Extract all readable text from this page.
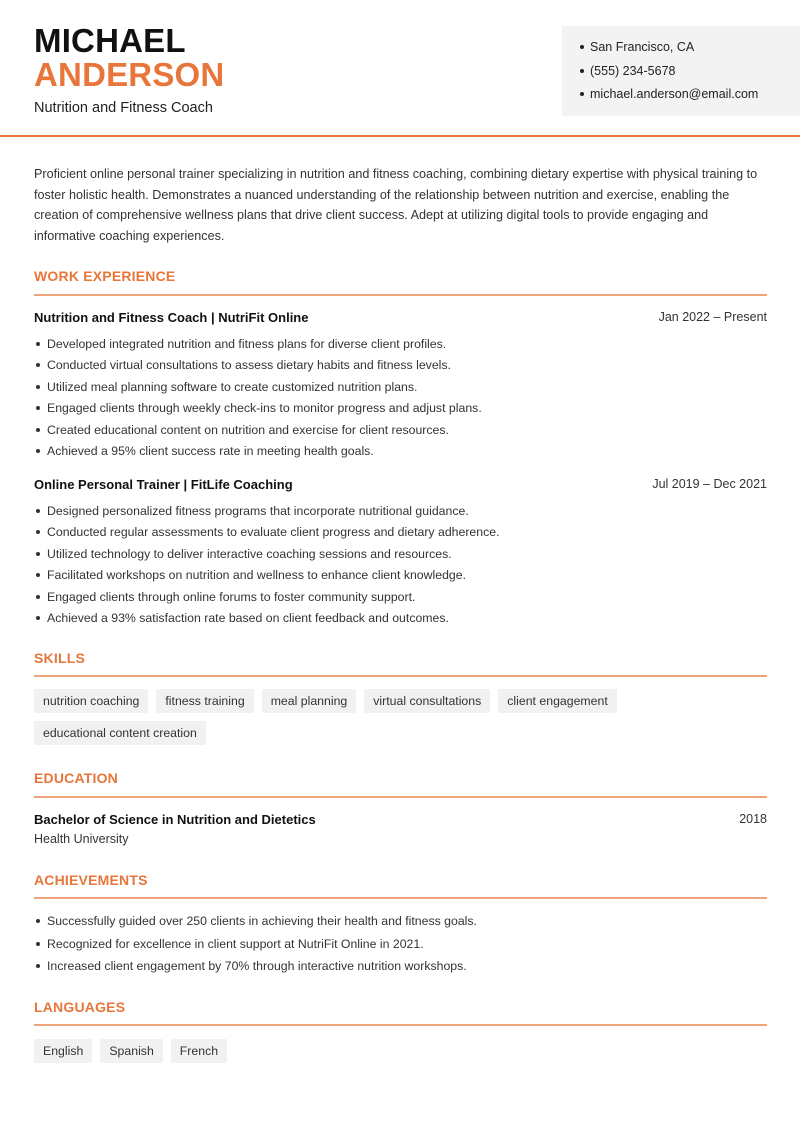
MICHAEL
ANDERSON
Nutrition and Fitness Coach
San Francisco, CA
(555) 234-5678
michael.anderson@email.com

Proficient online personal trainer specializing in nutrition and fitness coaching, combining dietary expertise with physical training to foster holistic health. Demonstrates a nuanced understanding of the relationship between nutrition and exercise, enabling the creation of comprehensive wellness plans that drive client success. Adept at utilizing digital tools to provide engaging and informative coaching experiences.

WORK EXPERIENCE
Nutrition and Fitness Coach | NutriFit Online	Jan 2022 – Present
Developed integrated nutrition and fitness plans for diverse client profiles.
Conducted virtual consultations to assess dietary habits and fitness levels.
Utilized meal planning software to create customized nutrition plans.
Engaged clients through weekly check-ins to monitor progress and adjust plans.
Created educational content on nutrition and exercise for client resources.
Achieved a 95% client success rate in meeting health goals.
Online Personal Trainer | FitLife Coaching	Jul 2019 – Dec 2021
Designed personalized fitness programs that incorporate nutritional guidance.
Conducted regular assessments to evaluate client progress and dietary adherence.
Utilized technology to deliver interactive coaching sessions and resources.
Facilitated workshops on nutrition and wellness to enhance client knowledge.
Engaged clients through online forums to foster community support.
Achieved a 93% satisfaction rate based on client feedback and outcomes.
SKILLS
nutrition coaching	fitness training	meal planning	virtual consultations	client engagement
educational content creation
EDUCATION
Bachelor of Science in Nutrition and Dietetics	2018
Health University
ACHIEVEMENTS
Successfully guided over 250 clients in achieving their health and fitness goals.
Recognized for excellence in client support at NutriFit Online in 2021.
Increased client engagement by 70% through interactive nutrition workshops.
LANGUAGES
English	Spanish	French
